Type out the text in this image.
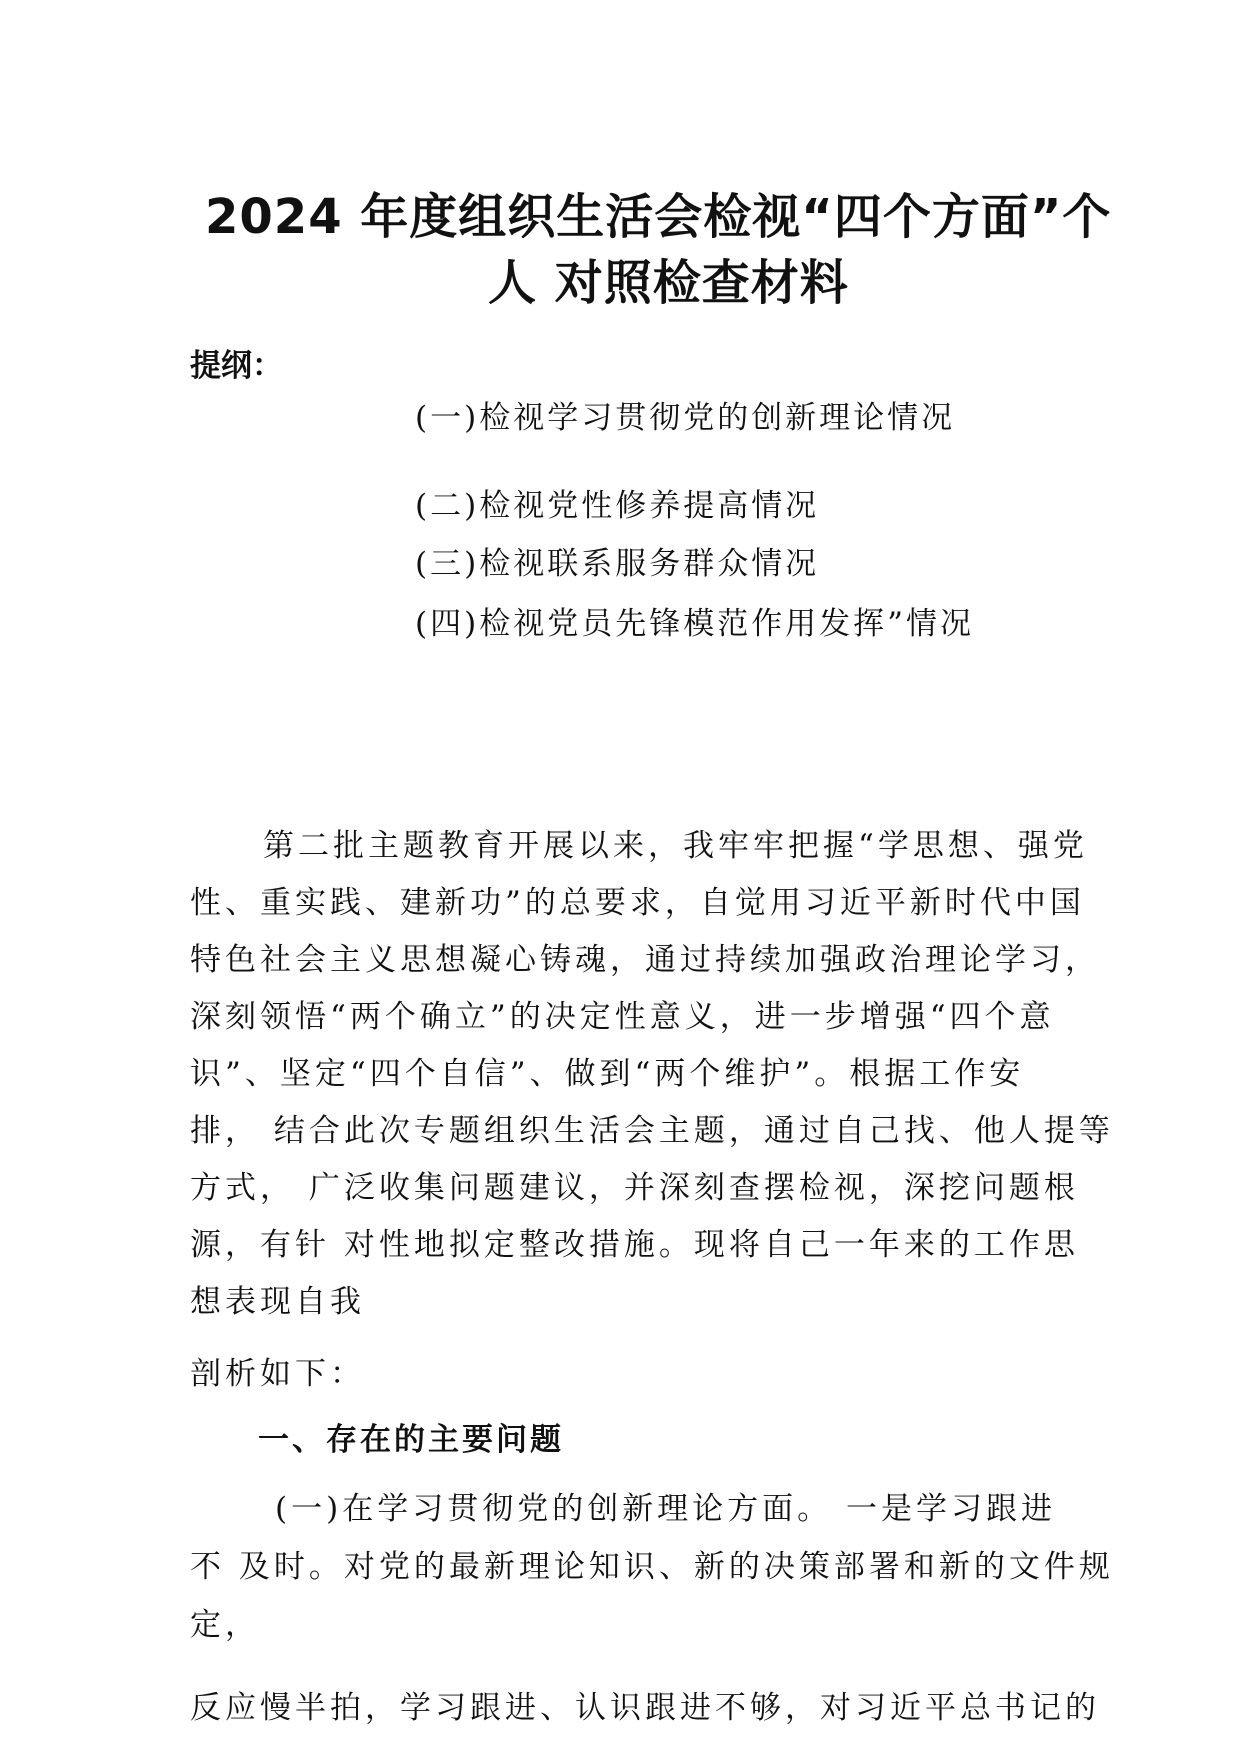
2024 年度组织生活会检视“四个方面”个
人 对照检查材料
提纲：
(一)检视学习贯彻党的创新理论情况
(二)检视党性修养提高情况
(三)检视联系服务群众情况
(四)检视党员先锋模范作用发挥”情况
第二批主题教育开展以来，我牢牢把握“学思想、强党
性、重实践、建新功”的总要求，自觉用习近平新时代中国
特色社会主义思想凝心铸魂，通过持续加强政治理论学习，
深刻领悟“两个确立”的决定性意义，进一步增强“四个意
识”、坚定“四个自信”、做到“两个维护”。根据工作安
排， 结合此次专题组织生活会主题，通过自己找、他人提等
方式， 广泛收集问题建议，并深刻查摆检视，深挖问题根
源，有针 对性地拟定整改措施。现将自己一年来的工作思
想表现自我
剖析如下：
一、存在的主要问题
(一)在学习贯彻党的创新理论方面。 一是学习跟进
不 及时。对党的最新理论知识、新的决策部署和新的文件规
定，
反应慢半拍，学习跟进、认识跟进不够，对习近平总书记的
